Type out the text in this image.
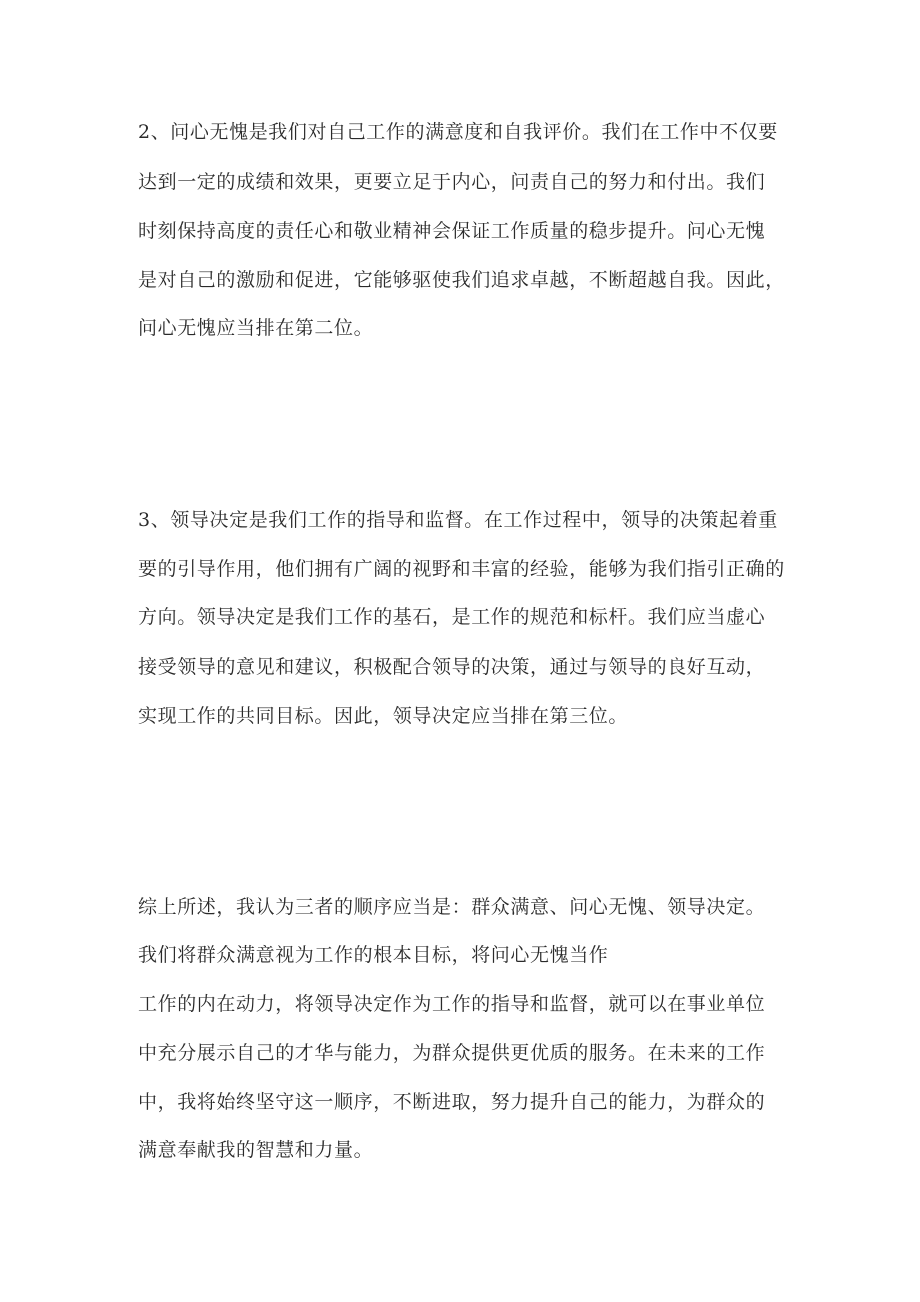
2、问心无愧是我们对自己工作的满意度和自我评价。我们在工作中不仅要
达到一定的成绩和效果，更要立足于内心，问责自己的努力和付出。我们
时刻保持高度的责任心和敬业精神会保证工作质量的稳步提升。问心无愧
是对自己的激励和促进，它能够驱使我们追求卓越，不断超越自我。因此，
问心无愧应当排在第二位。
3、领导决定是我们工作的指导和监督。在工作过程中，领导的决策起着重
要的引导作用，他们拥有广阔的视野和丰富的经验，能够为我们指引正确的
方向。领导决定是我们工作的基石，是工作的规范和标杆。我们应当虚心
接受领导的意见和建议，积极配合领导的决策，通过与领导的良好互动，
实现工作的共同目标。因此，领导决定应当排在第三位。
综上所述，我认为三者的顺序应当是：群众满意、问心无愧、领导决定。
我们将群众满意视为工作的根本目标，将问心无愧当作
工作的内在动力，将领导决定作为工作的指导和监督，就可以在事业单位
中充分展示自己的才华与能力，为群众提供更优质的服务。在未来的工作
中，我将始终坚守这一顺序，不断进取，努力提升自己的能力，为群众的
满意奉献我的智慧和力量。
